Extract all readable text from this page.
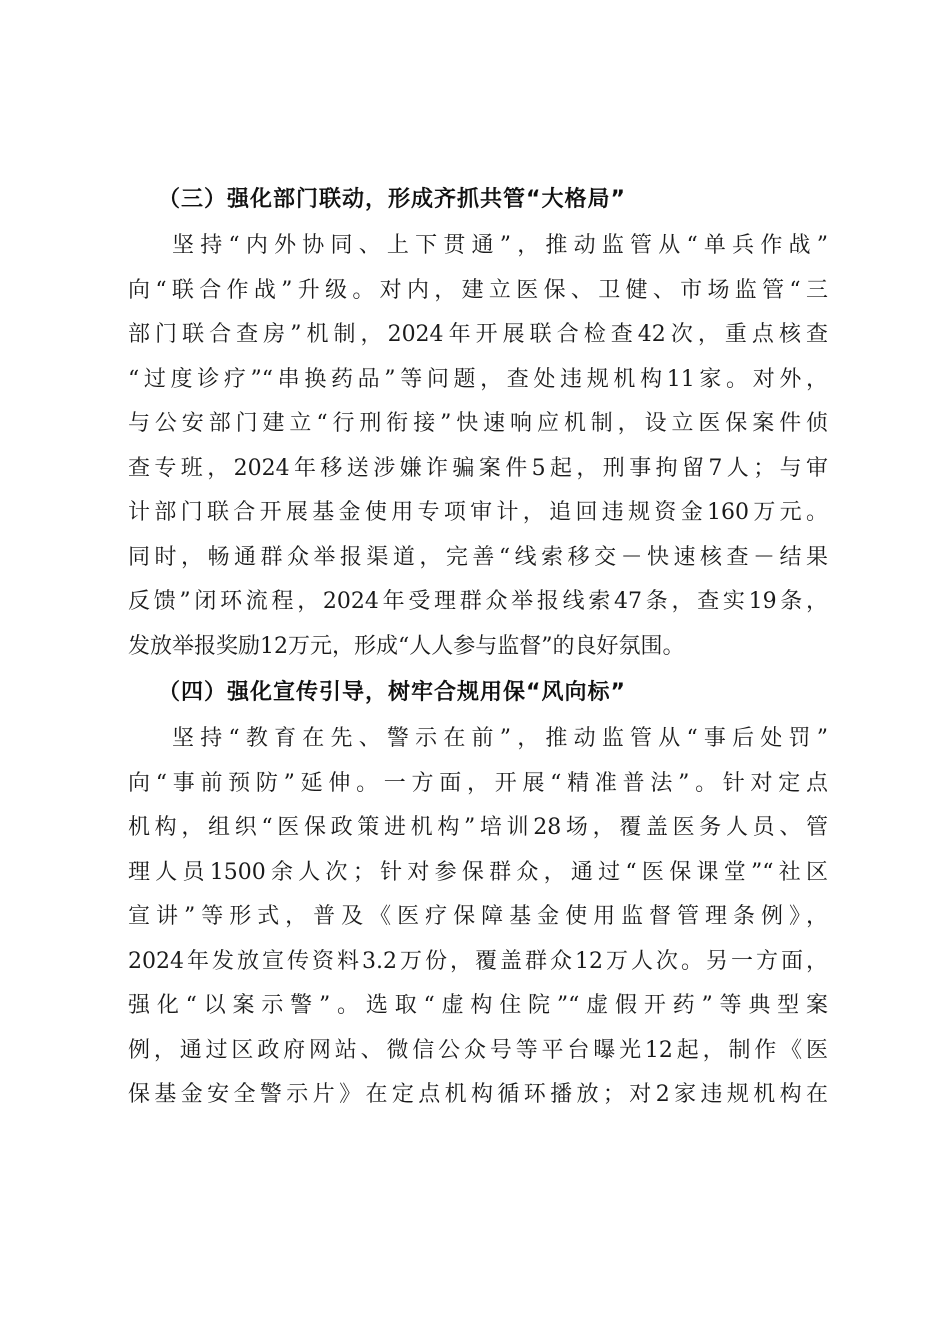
（三）强化部门联动，形成齐抓共管“大格局”

坚持“内外协同、上下贯通”，推动监管从“单兵作战”
向“联合作战”升级。对内，建立医保、卫健、市场监管“三
部门联合查房”机制，2024年开展联合检查42次，重点核查
“过度诊疗”“串换药品”等问题，查处违规机构11家。对外，
与公安部门建立“行刑衔接”快速响应机制，设立医保案件侦
查专班，2024年移送涉嫌诈骗案件5起，刑事拘留7人；与审
计部门联合开展基金使用专项审计，追回违规资金160万元。
同时，畅通群众举报渠道，完善“线索移交－快速核查－结果
反馈”闭环流程，2024年受理群众举报线索47条，查实19条，
发放举报奖励12万元，形成“人人参与监督”的良好氛围。

（四）强化宣传引导，树牢合规用保“风向标”

坚持“教育在先、警示在前”，推动监管从“事后处罚”
向“事前预防”延伸。一方面，开展“精准普法”。针对定点
机构，组织“医保政策进机构”培训28场，覆盖医务人员、管
理人员1500余人次；针对参保群众，通过“医保课堂”“社区
宣讲”等形式，普及《医疗保障基金使用监督管理条例》，
2024年发放宣传资料3.2万份，覆盖群众12万人次。另一方面，
强化“以案示警”。选取“虚构住院”“虚假开药”等典型案
例，通过区政府网站、微信公众号等平台曝光12起，制作《医
保基金安全警示片》在定点机构循环播放；对2家违规机构在
